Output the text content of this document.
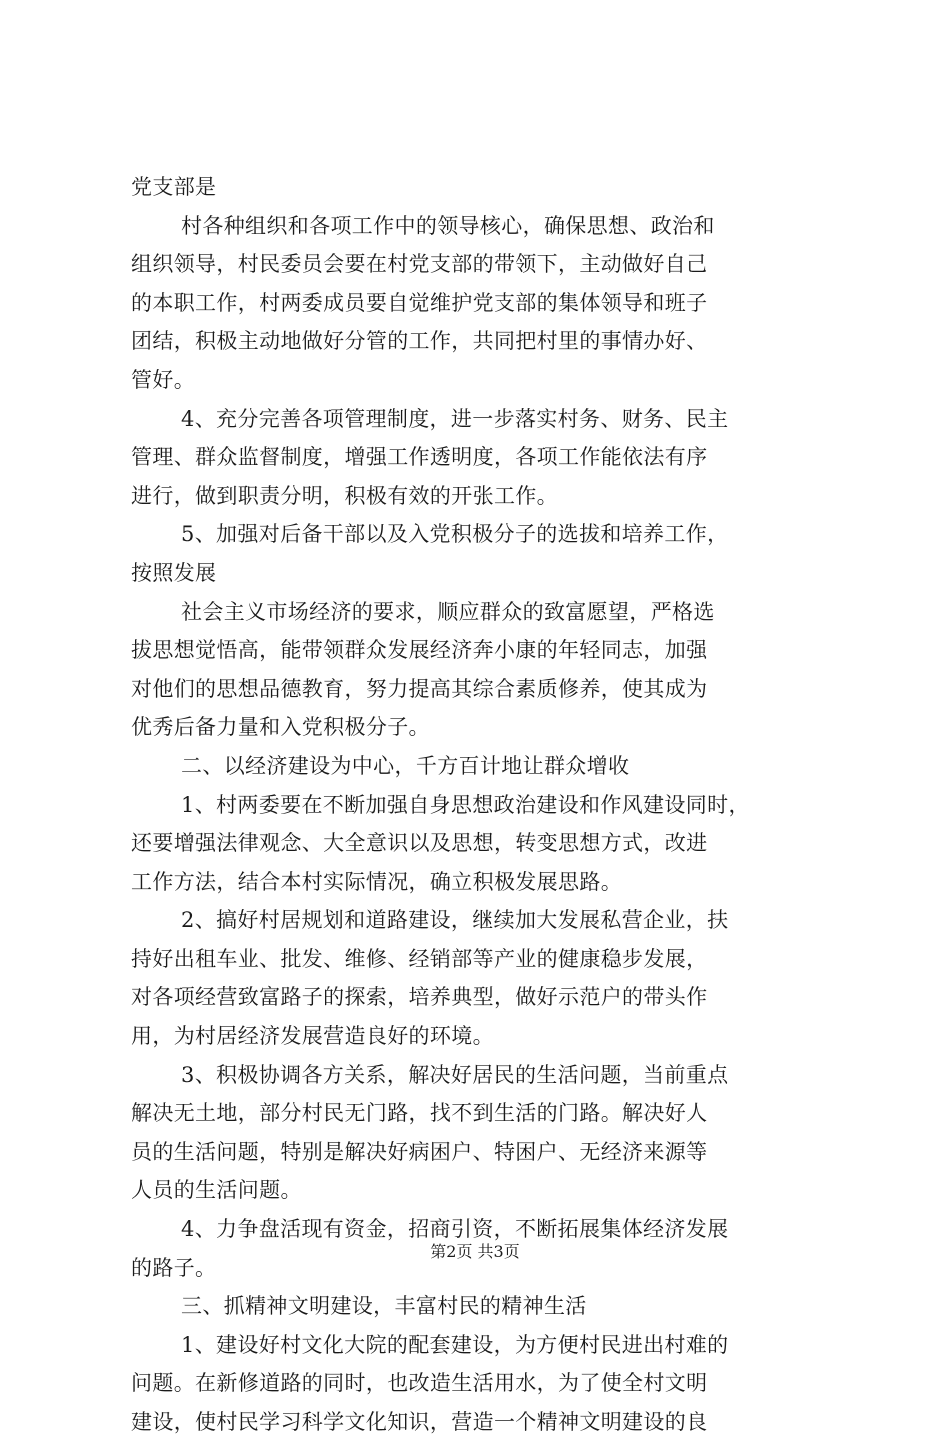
党支部是
村各种组织和各项工作中的领导核心，确保思想、政治和
组织领导，村民委员会要在村党支部的带领下，主动做好自己
的本职工作，村两委成员要自觉维护党支部的集体领导和班子
团结，积极主动地做好分管的工作，共同把村里的事情办好、
管好。
4、充分完善各项管理制度，进一步落实村务、财务、民主
管理、群众监督制度，增强工作透明度，各项工作能依法有序
进行，做到职责分明，积极有效的开张工作。
5、加强对后备干部以及入党积极分子的选拔和培养工作，
按照发展
社会主义市场经济的要求，顺应群众的致富愿望，严格选
拔思想觉悟高，能带领群众发展经济奔小康的年轻同志，加强
对他们的思想品德教育，努力提高其综合素质修养，使其成为
优秀后备力量和入党积极分子。
二、以经济建设为中心，千方百计地让群众增收
1、村两委要在不断加强自身思想政治建设和作风建设同时，
还要增强法律观念、大全意识以及思想，转变思想方式，改进
工作方法，结合本村实际情况，确立积极发展思路。
2、搞好村居规划和道路建设，继续加大发展私营企业，扶
持好出租车业、批发、维修、经销部等产业的健康稳步发展，
对各项经营致富路子的探索，培养典型，做好示范户的带头作
用，为村居经济发展营造良好的环境。
3、积极协调各方关系，解决好居民的生活问题，当前重点
解决无土地，部分村民无门路，找不到生活的门路。解决好人
员的生活问题，特别是解决好病困户、特困户、无经济来源等
人员的生活问题。
4、力争盘活现有资金，招商引资，不断拓展集体经济发展
的路子。
三、抓精神文明建设，丰富村民的精神生活
1、建设好村文化大院的配套建设，为方便村民进出村难的
问题。在新修道路的同时，也改造生活用水，为了使全村文明
建设，使村民学习科学文化知识，营造一个精神文明建设的良
第2页 共3页
